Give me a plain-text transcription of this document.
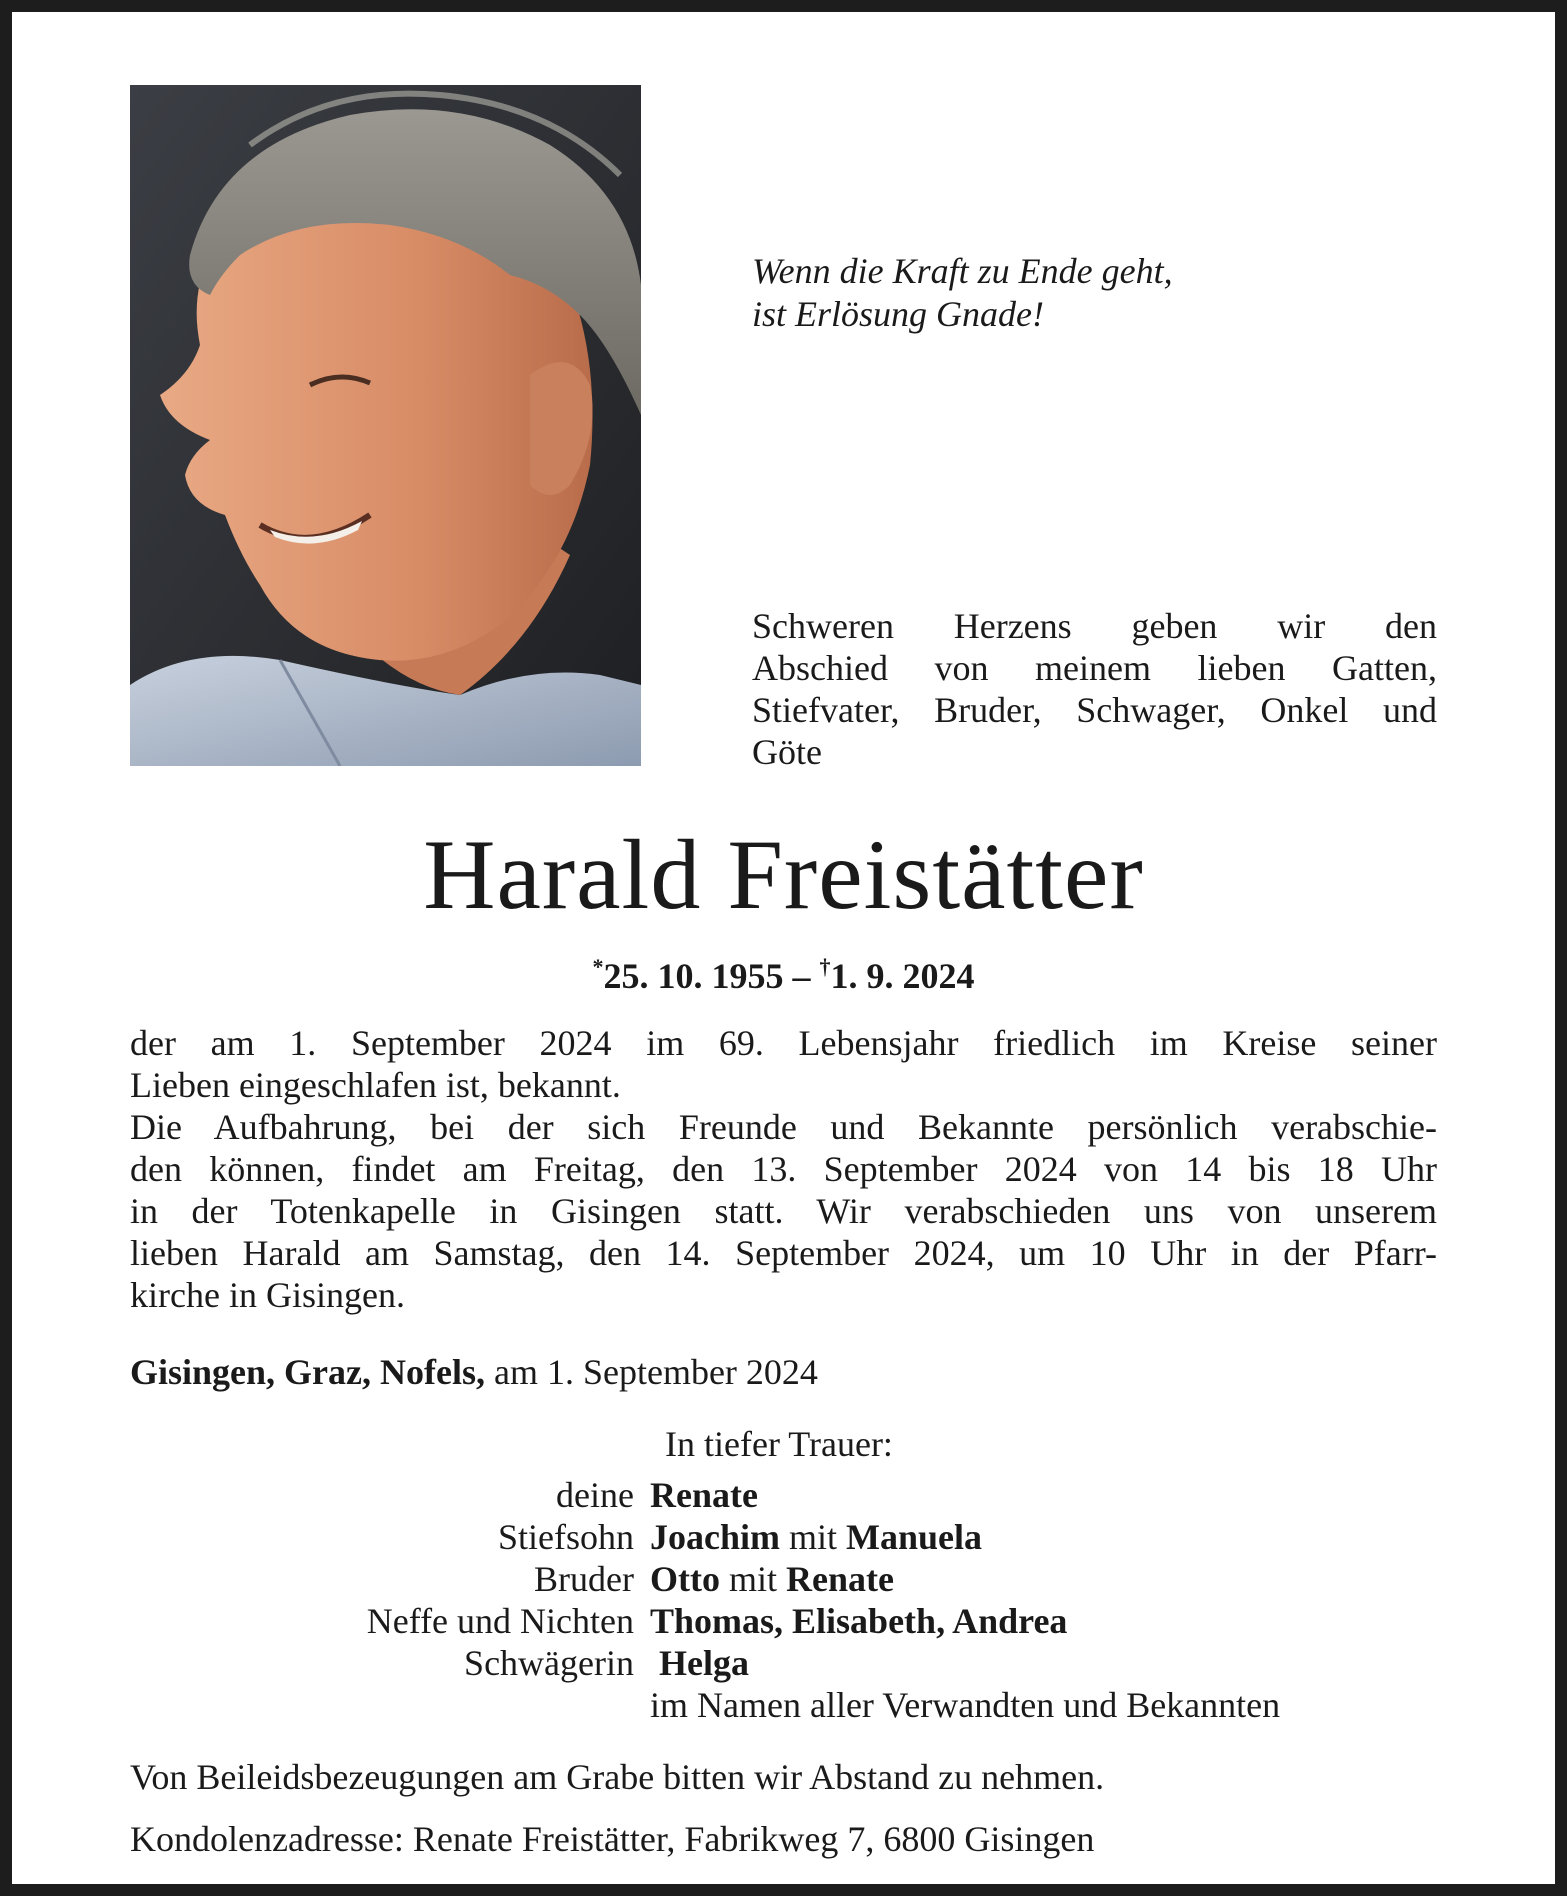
Wenn die Kraft zu Ende geht,
ist Erlösung Gnade!
Schweren Herzens geben wir den
Abschied von meinem lieben Gatten,
Stiefvater, Bruder, Schwager, Onkel und
Göte
Harald Freistätter
*25. 10. 1955 – †1. 9. 2024
der am 1. September 2024 im 69. Lebensjahr friedlich im Kreise seiner
Lieben eingeschlafen ist, bekannt.
Die Aufbahrung, bei der sich Freunde und Bekannte persönlich verabschie-
den können, findet am Freitag, den 13. September 2024 von 14 bis 18 Uhr
in der Totenkapelle in Gisingen statt. Wir verabschieden uns von unserem
lieben Harald am Samstag, den 14. September 2024, um 10 Uhr in der Pfarr-
kirche in Gisingen.
Gisingen, Graz, Nofels, am 1. September 2024
In tiefer Trauer:
deine Renate
Stiefsohn Joachim mit Manuela
Bruder Otto mit Renate
Neffe und Nichten Thomas, Elisabeth, Andrea
Schwägerin Helga
im Namen aller Verwandten und Bekannten
Von Beileidsbezeugungen am Grabe bitten wir Abstand zu nehmen.
Kondolenzadresse: Renate Freistätter, Fabrikweg 7, 6800 Gisingen
